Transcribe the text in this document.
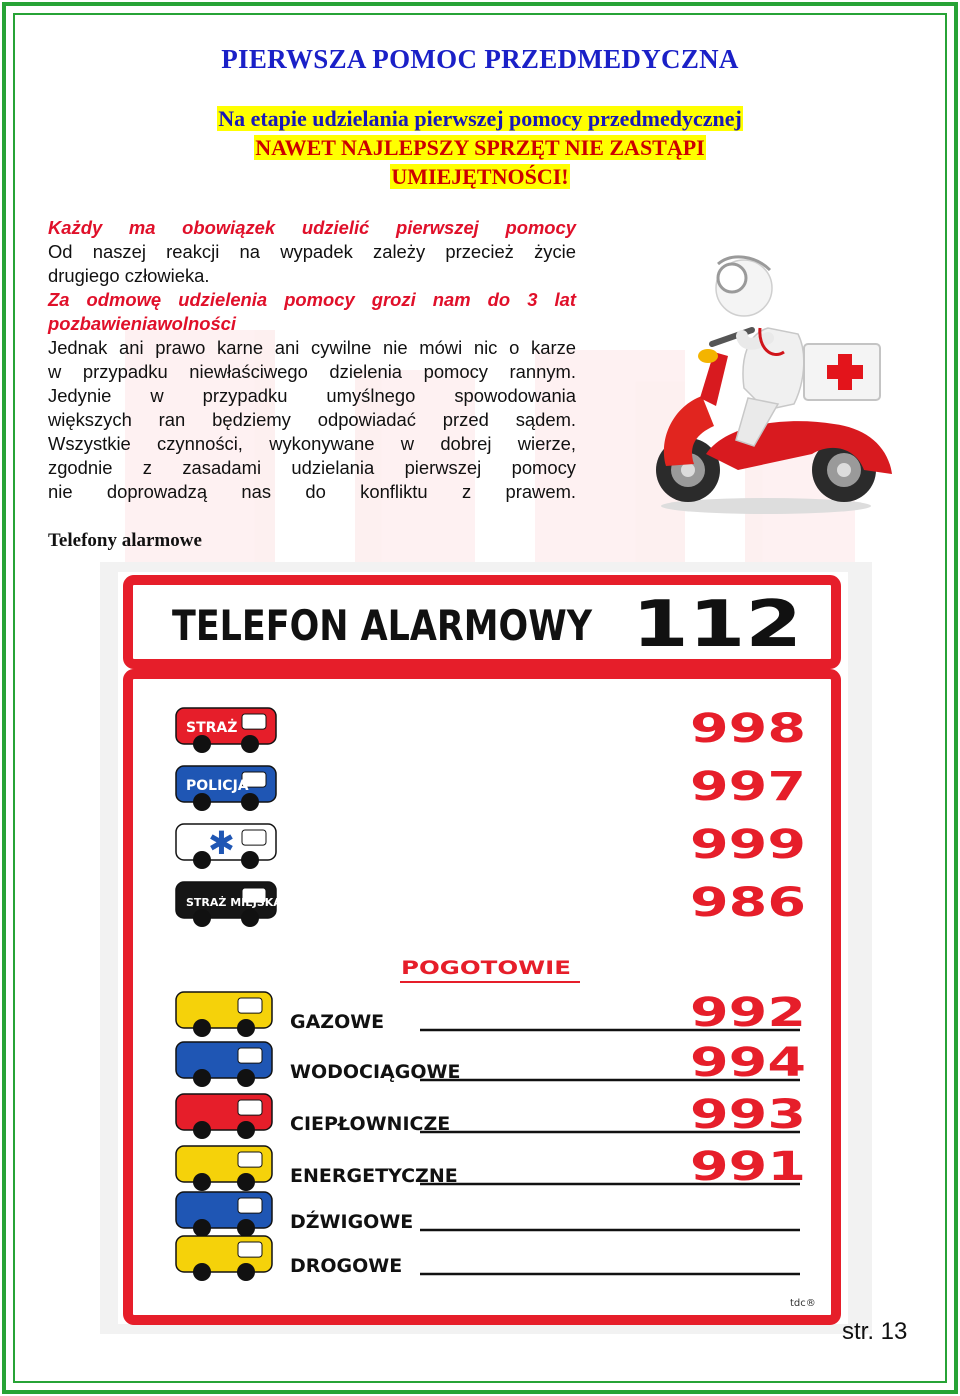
PIERWSZA POMOC PRZEDMEDYCZNA
Na etapie udzielania pierwszej pomocy przedmedycznej
NAWET NAJLEPSZY SPRZĘT NIE ZASTĄPI
UMIEJĘTNOŚCI!
Każdy ma obowiązek udzielić pierwszej pomocy
Od naszej reakcji na wypadek zależy przecież życie
drugiego człowieka.
Za odmowę udzielenia pomocy grozi nam do 3 lat
pozbawieniawolności
Jednak ani prawo karne ani cywilne nie mówi nic o karze
w przypadku niewłaściwego dzielenia pomocy rannym.
Jedynie w przypadku umyślnego spowodowania
większych ran będziemy odpowiadać przed sądem.
Wszystkie czynności, wykonywane w dobrej wierze,
zgodnie z zasadami udzielania pierwszej pomocy
nie doprowadzą nas do konfliktu z prawem.
Telefony alarmowe
TELEFON ALARMOWY 112
STRAŻ	998
POLICJA	997
✱	999
STRAŻ MIEJSKA	986
POGOTOWIE
GAZOWE	992
WODOCIĄGOWE	994
CIEPŁOWNICZE	993
ENERGETYCZNE	991
DŹWIGOWE
DROGOWE
tdc®
str. 13
